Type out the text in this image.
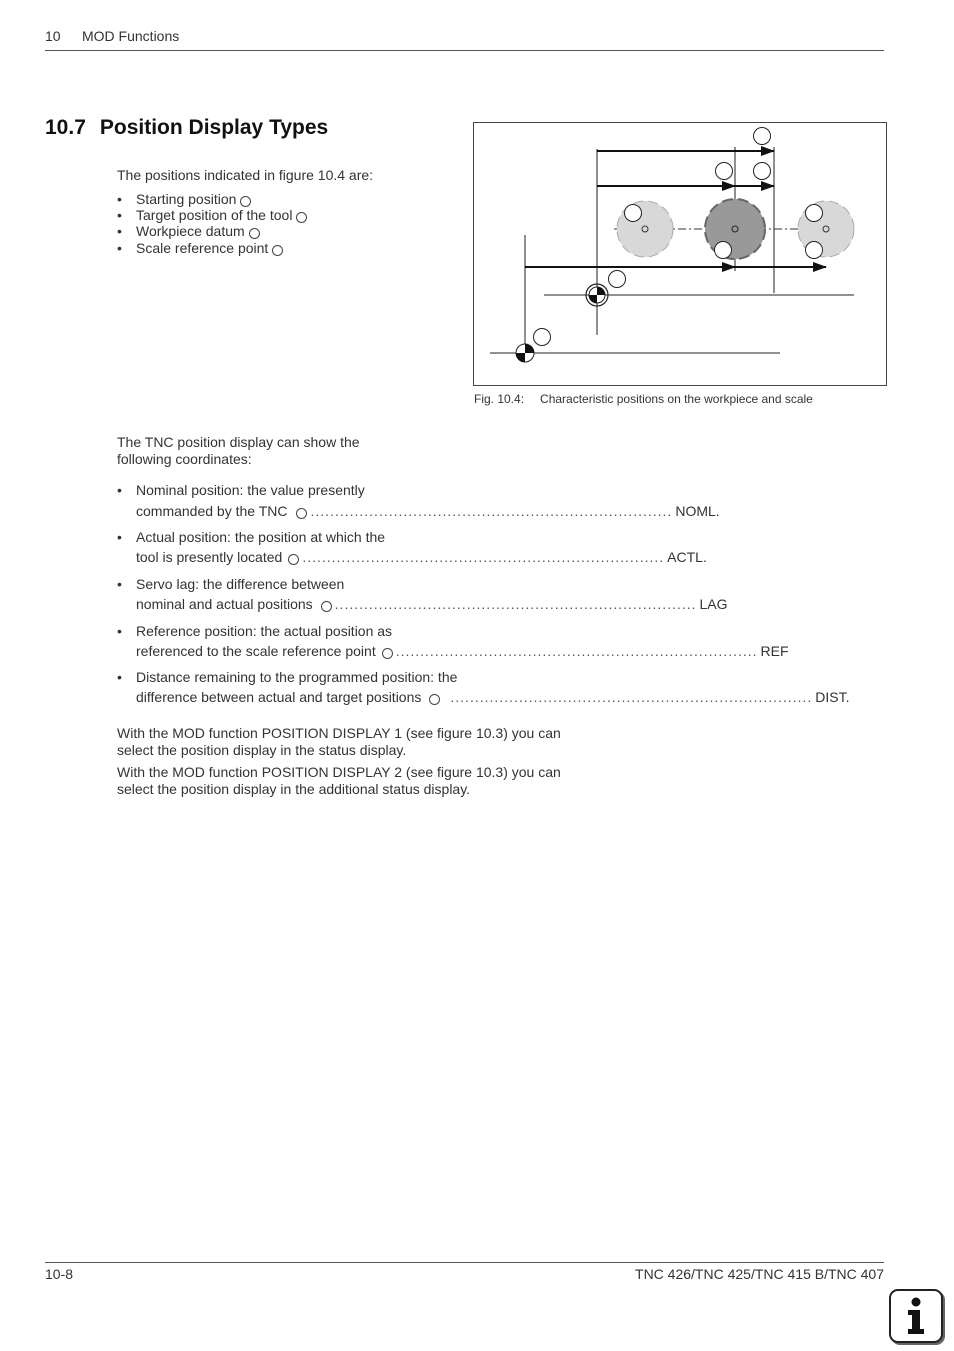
10 MOD Functions
10.7 Position Display Types
The positions indicated in figure 10.4 are:
• Starting position
• Target position of the tool
• Workpiece datum
• Scale reference point
Fig. 10.4: Characteristic positions on the workpiece and scale
The TNC position display can show the
following coordinates:
• Nominal position: the value presently
commanded by the TNC	.......................................................................... NOML.
• Actual position: the position at which the
tool is presently located	.......................................................................... ACTL.
• Servo lag: the difference between
nominal and actual positions	.......................................................................... LAG
• Reference position: the actual position as
referenced to the scale reference point	.......................................................................... REF
• Distance remaining to the programmed position: the
difference between actual and target positions	.......................................................................... DIST.
With the MOD function POSITION DISPLAY 1 (see figure 10.3) you can
select the position display in the status display.
With the MOD function POSITION DISPLAY 2 (see figure 10.3) you can
select the position display in the additional status display.
10-8	TNC 426/TNC 425/TNC 415 B/TNC 407
